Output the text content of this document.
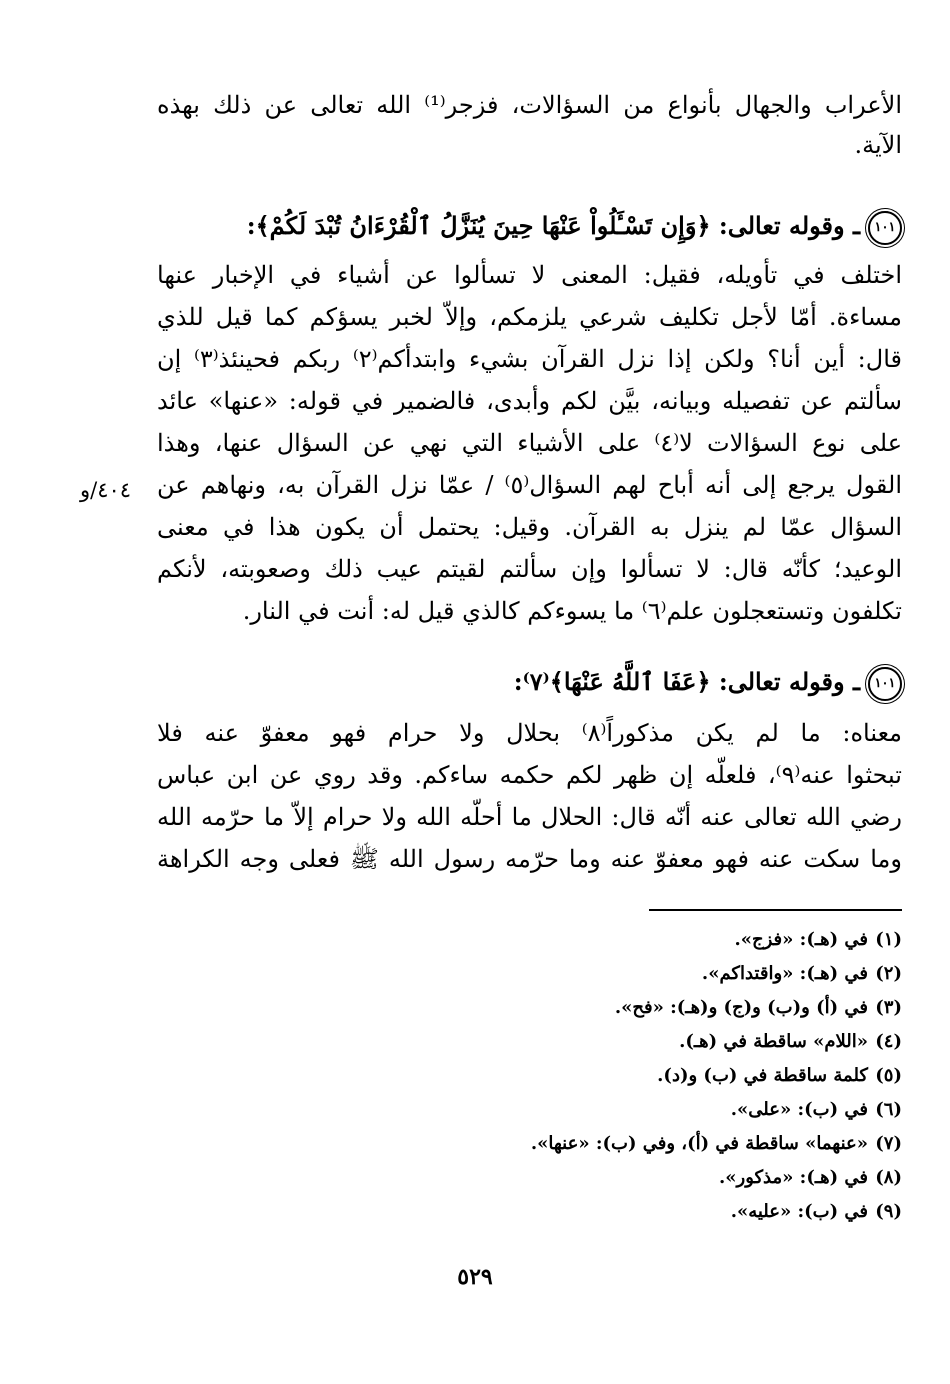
الأعراب والجهال بأنواع من السؤالات، فزجر⁽¹⁾ الله تعالى عن ذلك بهذه
الآية.
١٠١ـ وقوله تعالى: ﴿وَإِن تَسْـَٔلُواْ عَنْهَا حِينَ يُنَزَّلُ ٱلْقُرْءَانُ تُبْدَ لَكُمْ﴾:
اختلف في تأويله، فقيل: المعنى لا تسألوا عن أشياء في الإخبار عنها
مساءة. أمّا لأجل تكليف شرعي يلزمكم، وإلاّ لخبر يسؤكم كما قيل للذي
قال: أين أنا؟ ولكن إذا نزل القرآن بشيء وابتدأكم⁽٢⁾ ربكم فحينئذ⁽٣⁾ إن
سألتم عن تفصيله وبيانه، بيَّن لكم وأبدى، فالضمير في قوله: «عنها» عائد
على نوع السؤالات لا⁽٤⁾ على الأشياء التي نهي عن السؤال عنها، وهذا
القول يرجع إلى أنه أباح لهم السؤال⁽٥⁾ / عمّا نزل القرآن به، ونهاهم عن
السؤال عمّا لم ينزل به القرآن. وقيل: يحتمل أن يكون هذا في معنى
الوعيد؛ كأنّه قال: لا تسألوا وإن سألتم لقيتم عيب ذلك وصعوبته، لأنكم
تكلفون وتستعجلون علم⁽٦⁾ ما يسوءكم كالذي قيل له: أنت في النار.
٤٠٤/و
١٠١ـ وقوله تعالى: ﴿عَفَا ٱللَّهُ عَنْهَا﴾⁽٧⁾:
معناه: ما لم يكن مذكوراً⁽٨⁾ بحلال ولا حرام فهو معفوّ عنه فلا
تبحثوا عنه⁽٩⁾، فلعلّه إن ظهر لكم حكمه ساءكم. وقد روي عن ابن عباس
رضي الله تعالى عنه أنّه قال: الحلال ما أحلّه الله ولا حرام إلاّ ما حرّمه الله
وما سكت عنه فهو معفوّ عنه وما حرّمه رسول الله ﷺ فعلى وجه الكراهة
(١)في (هـ): «فزج».
(٢)في (هـ): «واقتداكم».
(٣)في (أ) و(ب) و(ج) و(هـ): «فح».
(٤)«اللام» ساقطة في (هـ).
(٥)كلمة ساقطة في (ب) و(د).
(٦)في (ب): «على».
(٧)«عنهما» ساقطة في (أ)، وفي (ب): «عنها».
(٨)في (هـ): «مذكور».
(٩)في (ب): «عليه».
٥٢٩
